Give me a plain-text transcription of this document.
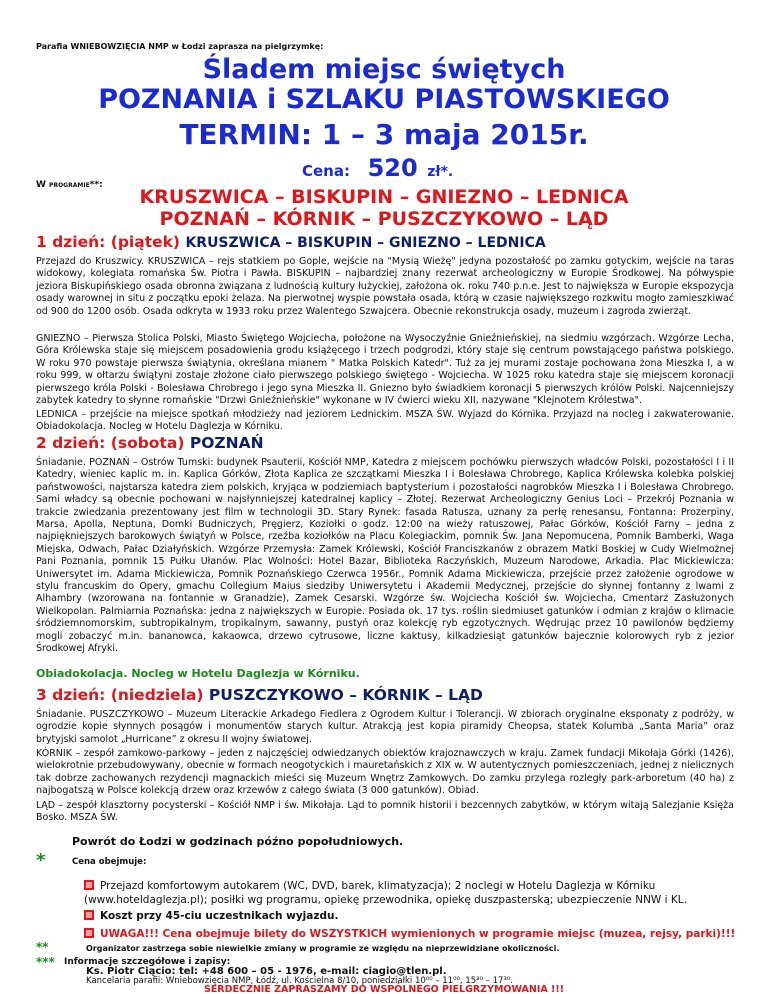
Parafia WNIEBOWZIĘCIA NMP w Łodzi zaprasza na pielgrzymkę:
Śladem miejsc świętych
POZNANIA i SZLAKU PIASTOWSKIEGO
TERMIN: 1 – 3 maja 2015r.
Cena: 520 zł*.
W programie**:
KRUSZWICA – BISKUPIN – GNIEZNO – LEDNICA
POZNAŃ – KÓRNIK – PUSZCZYKOWO – LĄD
1 dzień: (piątek) KRUSZWICA – BISKUPIN – GNIEZNO – LEDNICA
Przejazd do Kruszwicy. KRUSZWICA – rejs statkiem po Gople, wejście na "Mysią Wieżę" jedyna pozostałość po zamku gotyckim, wejście na taras widokowy, kolegiata romańska Św. Piotra i Pawła. BISKUPIN – najbardziej znany rezerwat archeologiczny w Europie Środkowej. Na półwyspie jeziora Biskupińskiego osada obronna związana z ludnością kultury łużyckiej, założona ok. roku 740 p.n.e. Jest to największa w Europie ekspozycja osady warownej in situ z początku epoki żelaza. Na pierwotnej wyspie powstała osada, którą w czasie największego rozkwitu mogło zamieszkiwać od 900 do 1200 osób. Osada odkryta w 1933 roku przez Walentego Szwajcera. Obecnie rekonstrukcja osady, muzeum i zagroda zwierząt.
GNIEZNO – Pierwsza Stolica Polski, Miasto Świętego Wojciecha, położone na Wysoczyźnie Gnieźnieńskiej, na siedmiu wzgórzach. Wzgórze Lecha, Góra Królewska staje się miejscem posadowienia grodu książęcego i trzech podgrodzi, który staje się centrum powstającego państwa polskiego. W roku 970 powstaje pierwsza świątynia, określana mianem " Matka Polskich Katedr". Tuż za jej murami zostaje pochowana żona Mieszka I, a w roku 999, w ołtarzu świątyni zostaje złożone ciało pierwszego polskiego świętego - Wojciecha. W 1025 roku katedra staje się miejscem koronacji pierwszego króla Polski - Bolesława Chrobrego i jego syna Mieszka II. Gniezno było świadkiem koronacji 5 pierwszych królów Polski. Najcenniejszy zabytek katedry to słynne romańskie "Drzwi Gnieźnieńskie" wykonane w IV ćwierci wieku XII, nazywane "Klejnotem Królestwa".
LEDNICA – przejście na miejsce spotkań młodzieży nad jeziorem Lednickim. MSZA ŚW. Wyjazd do Kórnika. Przyjazd na nocleg i zakwaterowanie. Obiadokolacja. Nocleg w Hotelu Daglezja w Kórniku.
2 dzień: (sobota) POZNAŃ
Śniadanie. POZNAŃ – Ostrów Tumski: budynek Psauterii, Kościół NMP, Katedra z miejscem pochówku pierwszych władców Polski, pozostałości I i II Katedry, wieniec kaplic m. in. Kaplica Górków, Złota Kaplica ze szczątkami Mieszka I i Bolesława Chrobrego, Kaplica Królewska kolebka polskiej państwowości, najstarsza katedra ziem polskich, kryjąca w podziemiach baptysterium i pozostałości nagrobków Mieszka I i Bolesława Chrobrego. Sami władcy są obecnie pochowani w najsłynniejszej katedralnej kaplicy – Złotej. Rezerwat Archeologiczny Genius Loci – Przekrój Poznania w trakcie zwiedzania prezentowany jest film w technologii 3D. Stary Rynek: fasada Ratusza, uznany za perłę renesansu, Fontanna: Prozerpiny, Marsa, Apolla, Neptuna, Domki Budniczych, Pręgierz, Koziołki o godz. 12:00 na wieży ratuszowej, Pałac Górków, Kościół Farny – jedna z najpiękniejszych barokowych świątyń w Polsce, rzeźba koziołków na Placu Kolegiackim, pomnik Św. Jana Nepomucena, Pomnik Bamberki, Waga Miejska, Odwach, Pałac Działyńskich. Wzgórze Przemysła: Zamek Królewski, Kościół Franciszkanów z obrazem Matki Boskiej w Cudy Wielmożnej Pani Poznania, pomnik 15 Pułku Ułanów. Plac Wolności: Hotel Bazar, Biblioteka Raczyńskich, Muzeum Narodowe, Arkadia. Plac Mickiewicza: Uniwersytet im. Adama Mickiewicza, Pomnik Poznańskiego Czerwca 1956r., Pomnik Adama Mickiewicza, przejście przez założenie ogrodowe w stylu francuskim do Opery, gmachu Collegium Maius siedziby Uniwersytetu i Akademii Medycznej, przejście do słynnej fontanny z lwami z Alhambry (wzorowana na fontannie w Granadzie), Zamek Cesarski. Wzgórze św. Wojciecha Kościół św. Wojciecha, Cmentarz Zasłużonych Wielkopolan. Palmiarnia Poznańska: jedna z największych w Europie. Posiada ok. 17 tys. roślin siedmiuset gatunków i odmian z krajów o klimacie śródziemnomorskim, subtropikalnym, tropikalnym, sawanny, pustyń oraz kolekcję ryb egzotycznych. Wędrując przez 10 pawilonów będziemy mogli zobaczyć m.in. bananowca, kakaowca, drzewo cytrusowe, liczne kaktusy, kilkadziesiąt gatunków bajecznie kolorowych ryb z jezior Środkowej Afryki.
Obiadokolacja. Nocleg w Hotelu Daglezja w Kórniku.
3 dzień: (niedziela) PUSZCZYKOWO – KÓRNIK – LĄD
Śniadanie. PUSZCZYKOWO – Muzeum Literackie Arkadego Fiedlera z Ogrodem Kultur i Tolerancji. W zbiorach oryginalne eksponaty z podróży, w ogrodzie kopie słynnych posągów i monumentów starych kultur. Atrakcją jest kopia piramidy Cheopsa, statek Kolumba „Santa Maria” oraz brytyjski samolot „Hurricane” z okresu II wojny światowej.
KÓRNIK – zespół zamkowo-parkowy – jeden z najczęściej odwiedzanych obiektów krajoznawczych w kraju. Zamek fundacji Mikołaja Górki (1426), wielokrotnie przebudowywany, obecnie w formach neogotyckich i mauretańskich z XIX w. W autentycznych pomieszczeniach, jednej z nielicznych tak dobrze zachowanych rezydencji magnackich mieści się Muzeum Wnętrz Zamkowych. Do zamku przylega rozległy park-arboretum (40 ha) z najbogatszą w Polsce kolekcją drzew oraz krzewów z całego świata (3 000 gatunków). Obiad.
LĄD – zespół klasztorny pocysterski – Kościół NMP i św. Mikołaja. Ląd to pomnik historii i bezcennych zabytków, w którym witają Salezjanie Księża Bosko. MSZA ŚW.
Powrót do Łodzi w godzinach późno popołudniowych.
*	Cena obejmuje:
Przejazd komfortowym autokarem (WC, DVD, barek, klimatyzacja); 2 noclegi w Hotelu Daglezja w Kórniku (www.hoteldaglezja.pl); posiłki wg programu, opiekę przewodnika, opiekę duszpasterską; ubezpieczenie NNW i KL.
Koszt przy 45-ciu uczestnikach wyjazdu.
UWAGA!!! Cena obejmuje bilety do WSZYSTKICH wymienionych w programie miejsc (muzea, rejsy, parki)!!!
**	Organizator zastrzega sobie niewielkie zmiany w programie ze względu na nieprzewidziane okoliczności.
*** Informacje szczegółowe i zapisy:
Ks. Piotr Ciącio: tel: +48 600 – 05 - 1976, e-mail: ciagio@tlen.pl.
Kancelaria parafii: Wniebowzięcia NMP, Łódź, ul. Kościelna 8/10, poniedziałki 10⁰⁰ – 11⁰⁰, 15³⁰ – 17³⁰.
SERDECZNIE ZAPRASZAMY DO WSPÓLNEGO PIELGRZYMOWANIA !!!
